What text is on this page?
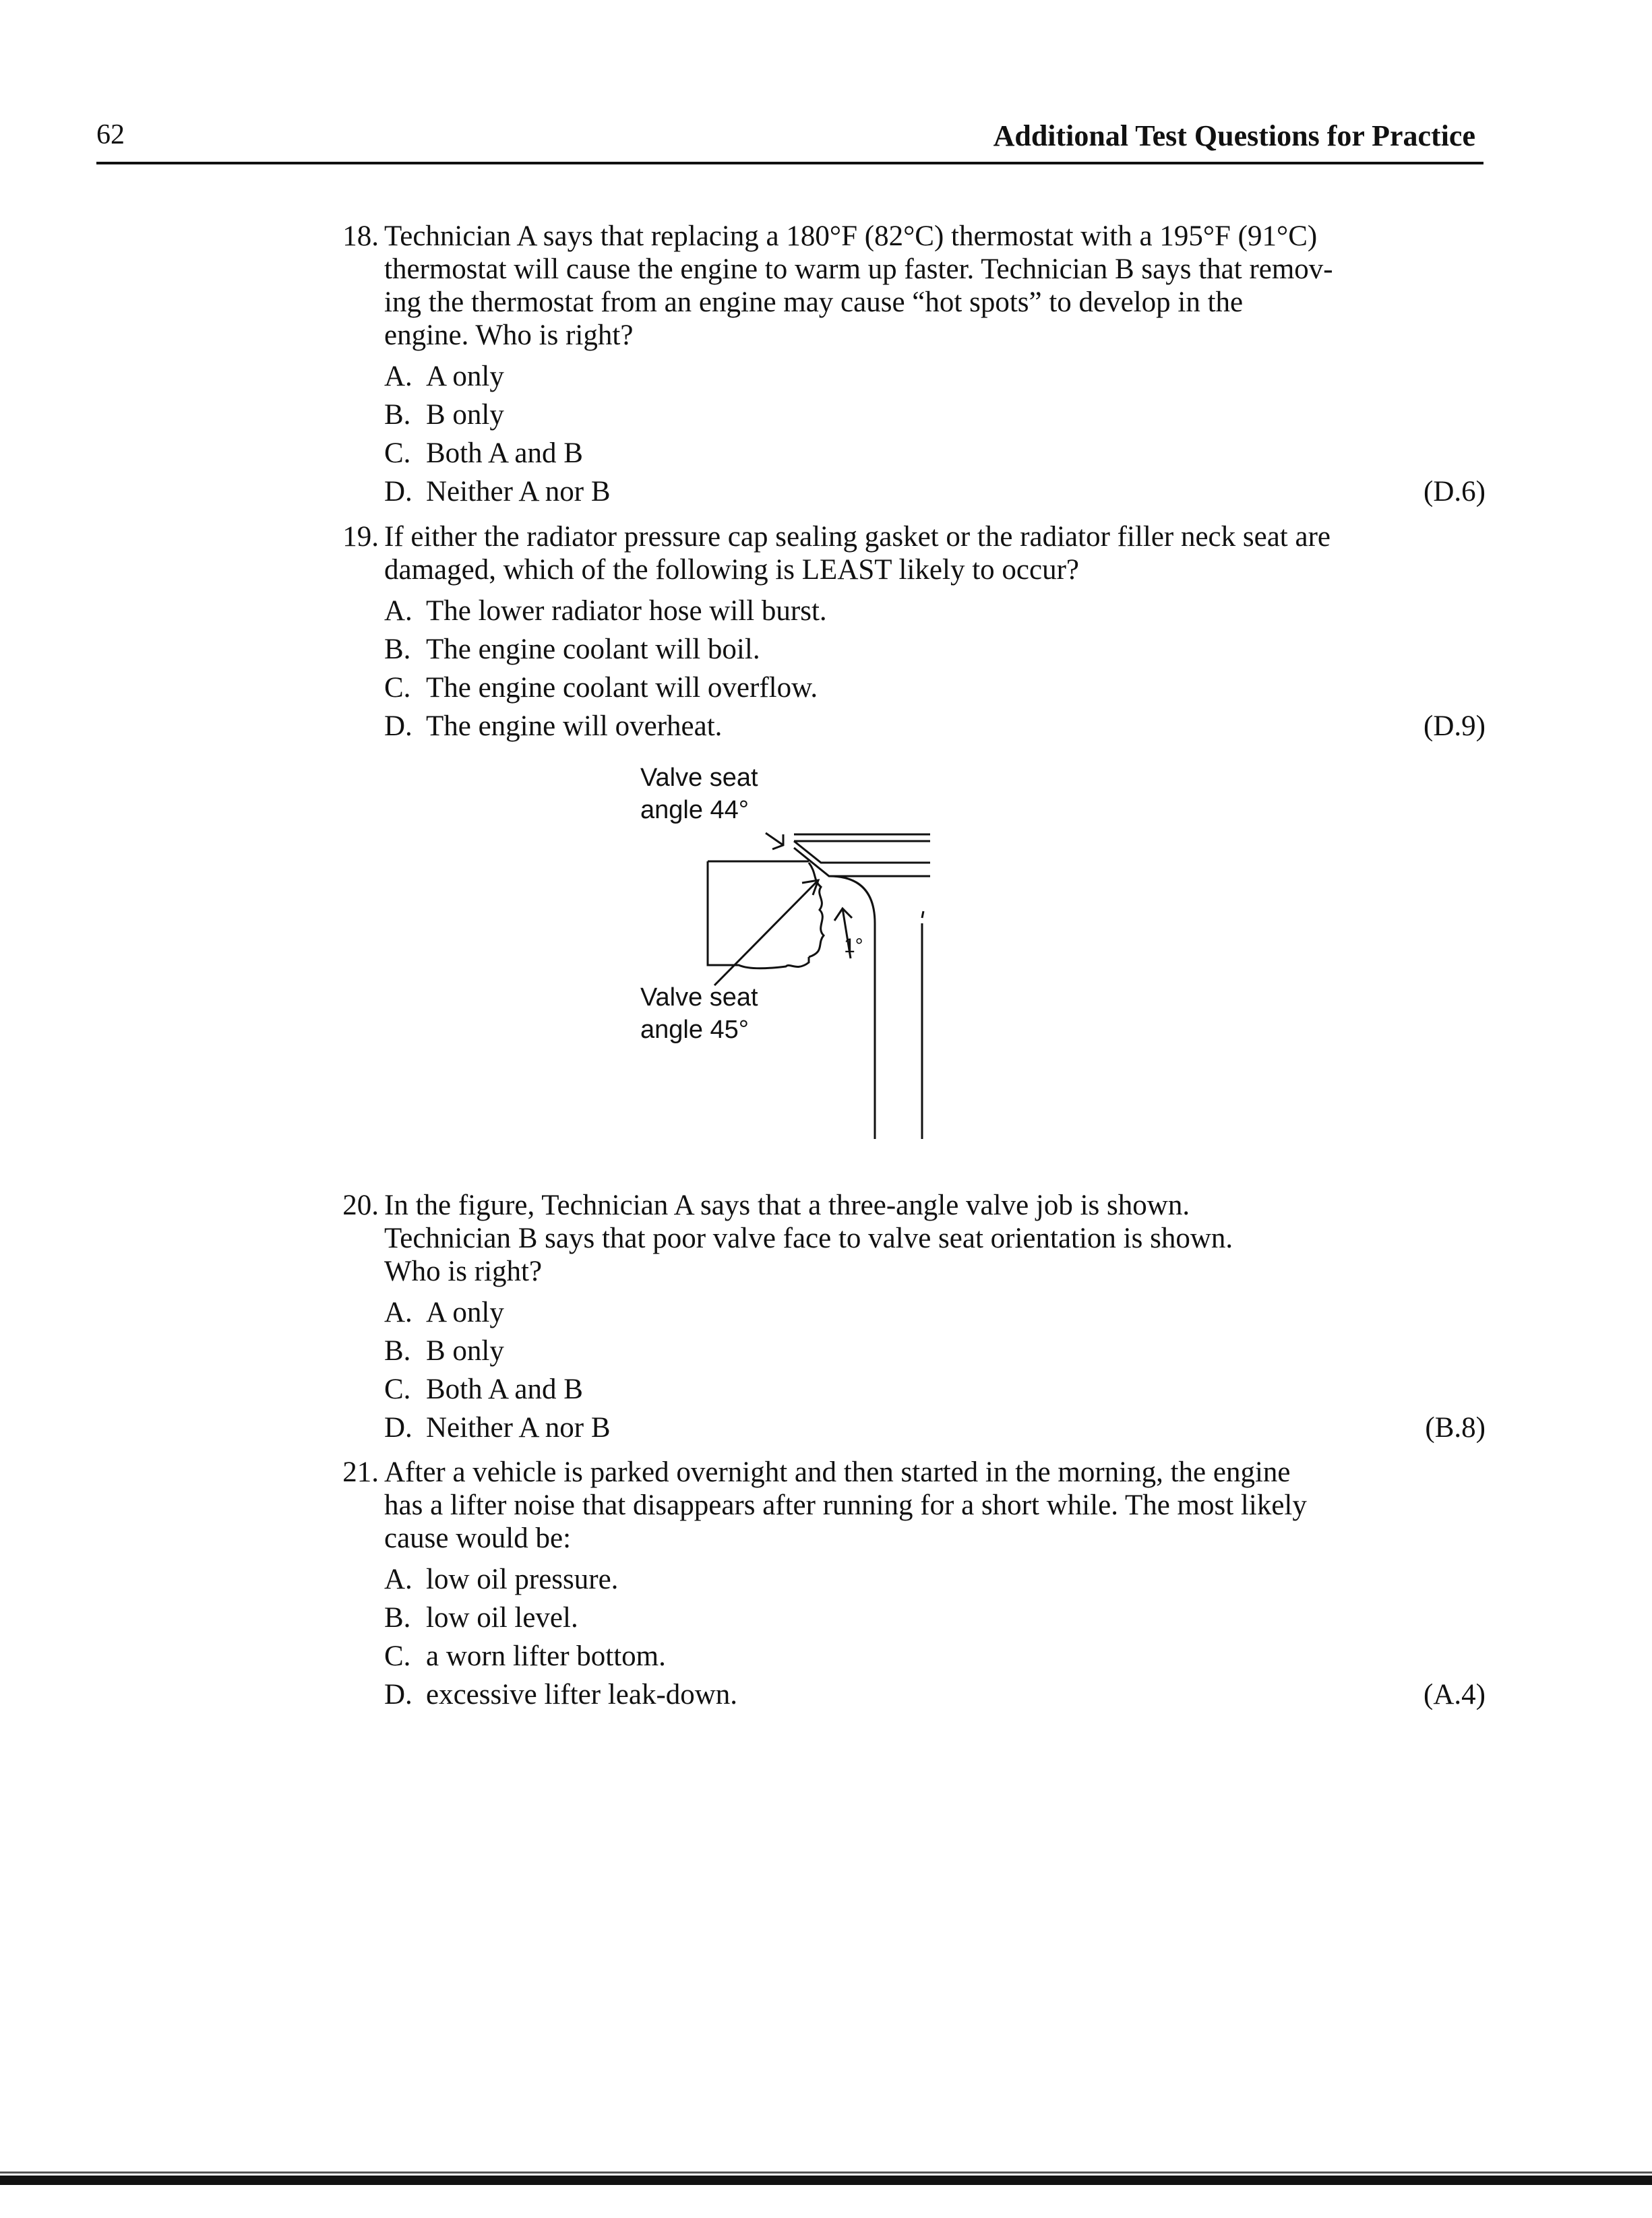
62	Additional Test Questions for Practice
18. Technician A says that replacing a 180°F (82°C) thermostat with a 195°F (91°C)
thermostat will cause the engine to warm up faster. Technician B says that remov-
ing the thermostat from an engine may cause “hot spots” to develop in the
engine. Who is right?
A. A only
B. B only
C. Both A and B
D. Neither A nor B	(D.6)
19. If either the radiator pressure cap sealing gasket or the radiator filler neck seat are
damaged, which of the following is LEAST likely to occur?
A. The lower radiator hose will burst.
B. The engine coolant will boil.
C. The engine coolant will overflow.
D. The engine will overheat.	(D.9)
Valve seat
angle 44°
Valve seat
angle 45°
1°
20. In the figure, Technician A says that a three-angle valve job is shown.
Technician B says that poor valve face to valve seat orientation is shown.
Who is right?
A. A only
B. B only
C. Both A and B
D. Neither A nor B	(B.8)
21. After a vehicle is parked overnight and then started in the morning, the engine
has a lifter noise that disappears after running for a short while. The most likely
cause would be:
A. low oil pressure.
B. low oil level.
C. a worn lifter bottom.
D. excessive lifter leak-down.	(A.4)
